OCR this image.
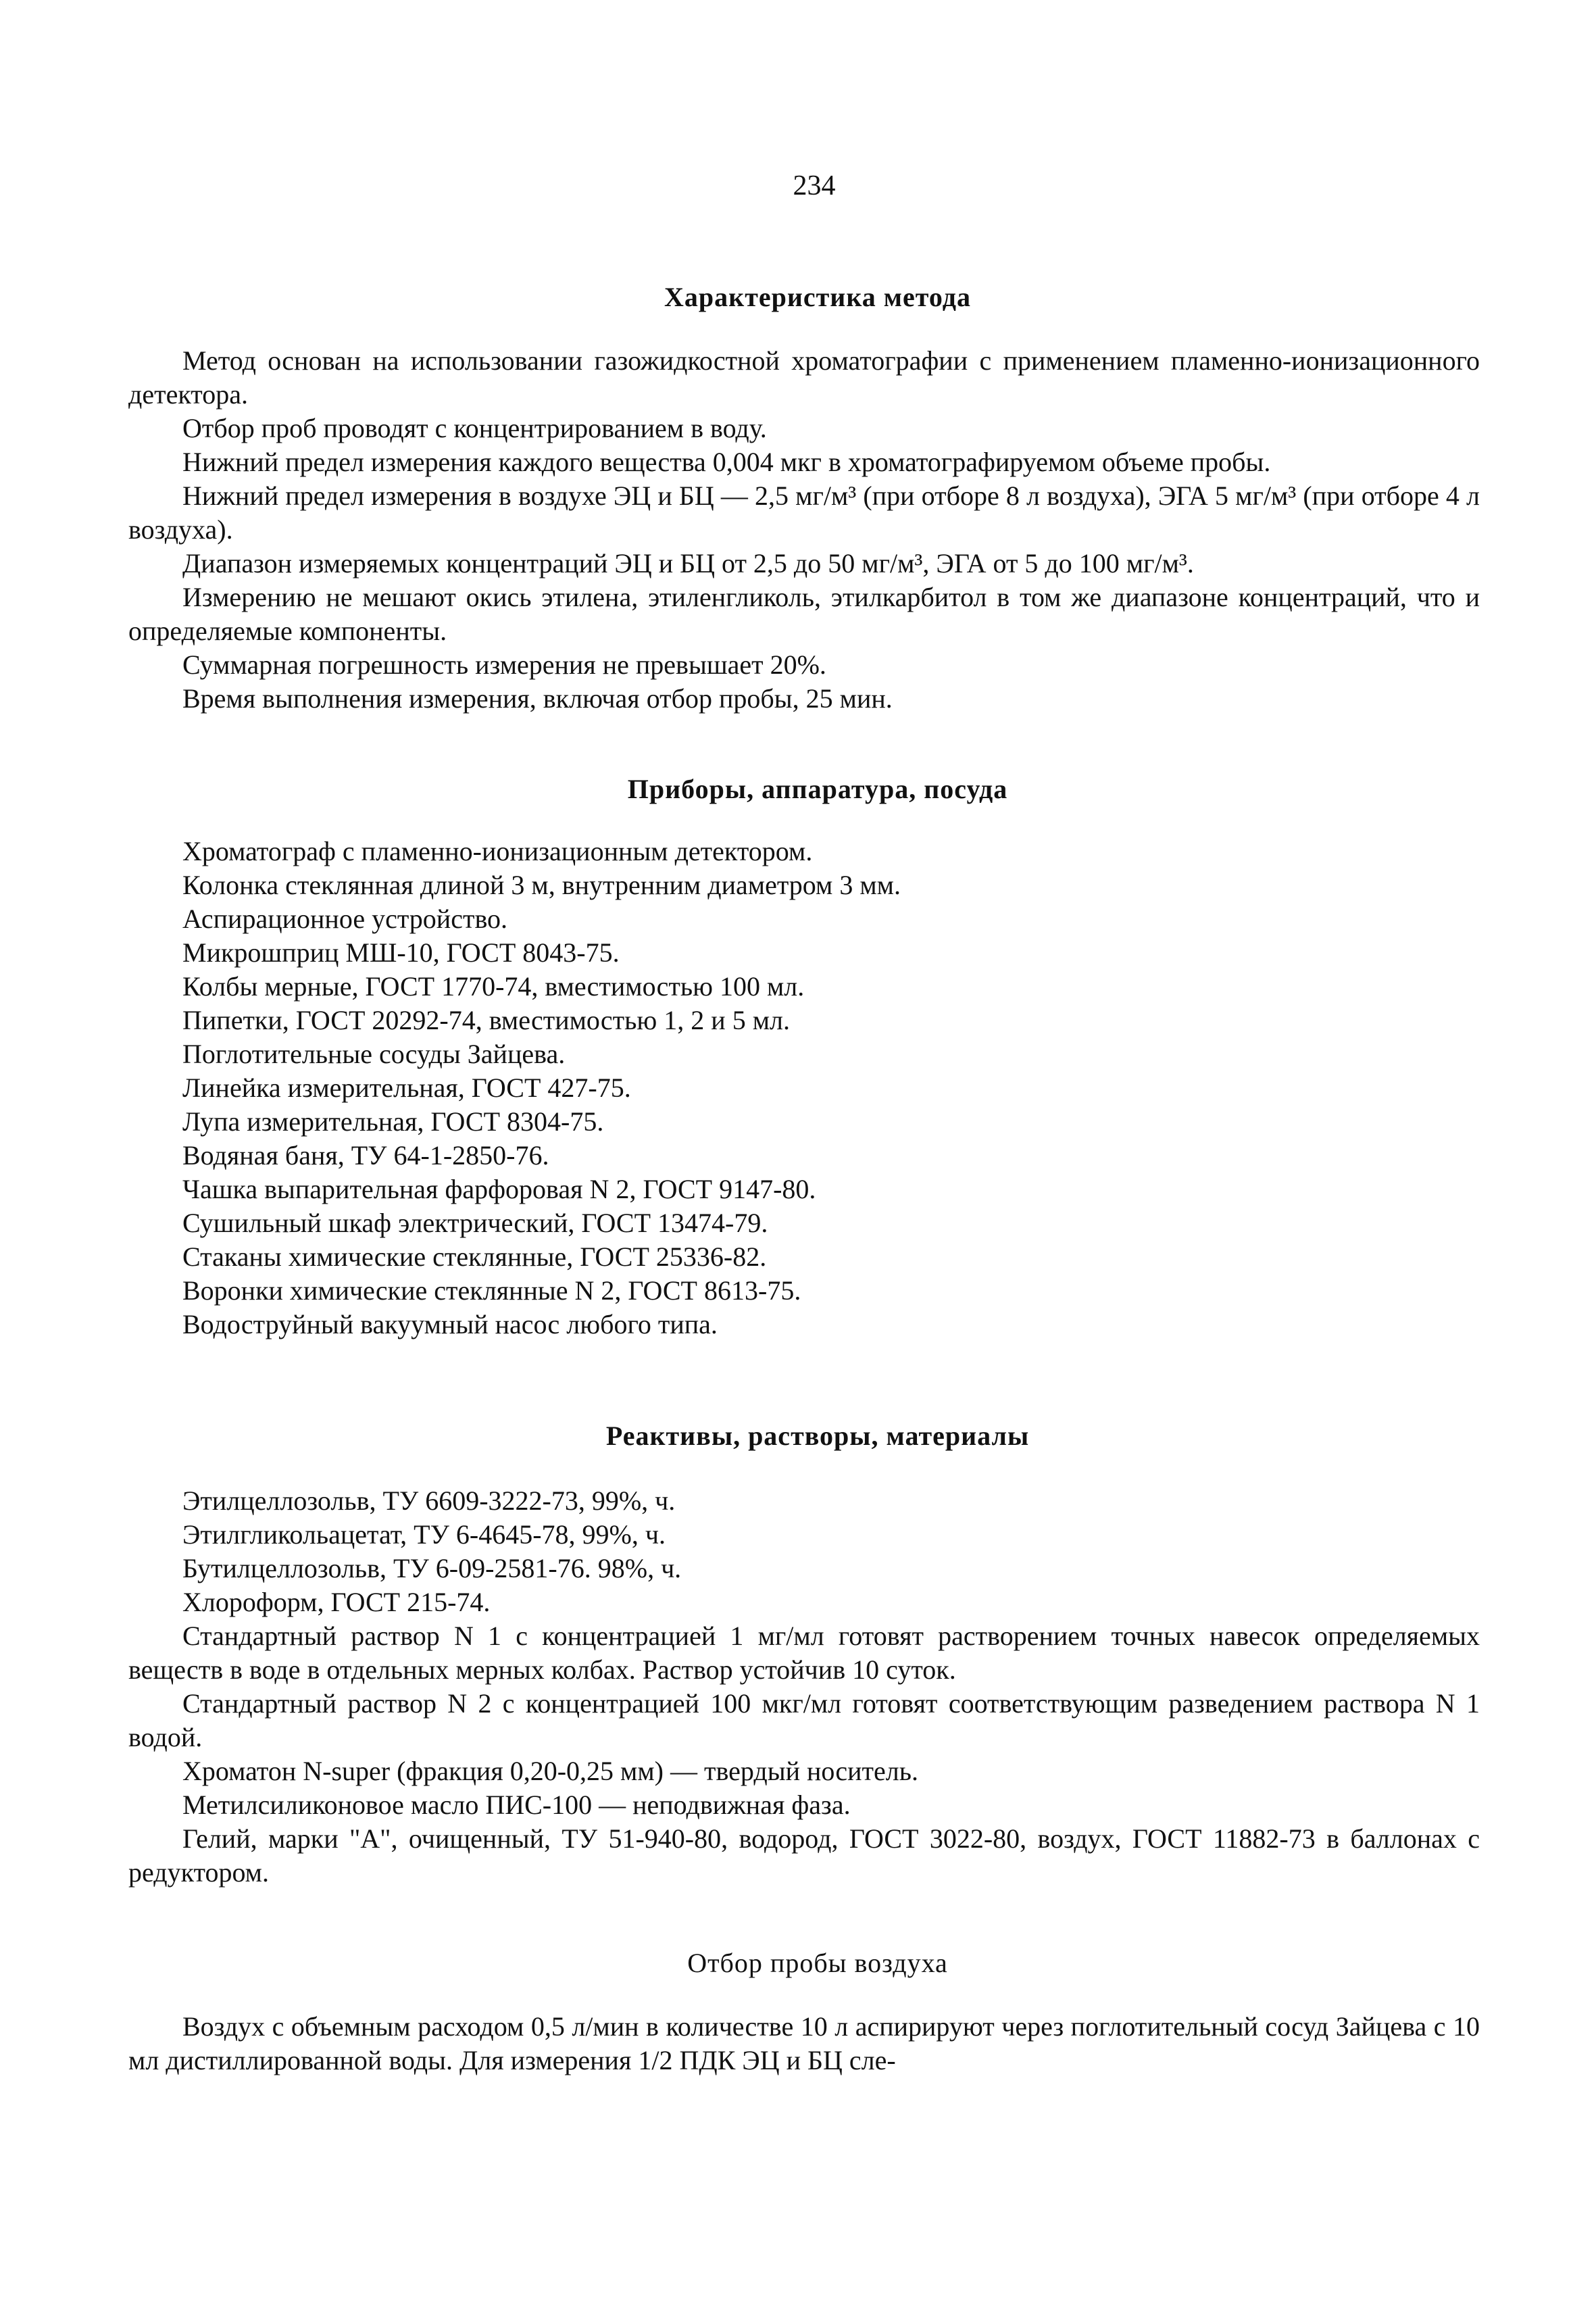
234
Характеристика метода

Метод основан на использовании газожидкостной хроматографии с применением пламенно-ионизационного детектора.

Отбор проб проводят с концентрированием в воду.

Нижний предел измерения каждого вещества 0,004 мкг в хроматографируемом объеме пробы.

Нижний предел измерения в воздухе ЭЦ и БЦ — 2,5 мг/м³ (при отборе 8 л воздуха), ЭГА 5 мг/м³ (при отборе 4 л воздуха).

Диапазон измеряемых концентраций ЭЦ и БЦ от 2,5 до 50 мг/м³, ЭГА от 5 до 100 мг/м³.

Измерению не мешают окись этилена, этиленгликоль, этилкарбитол в том же диапазоне концентраций, что и определяемые компоненты.

Суммарная погрешность измерения не превышает 20%.

Время выполнения измерения, включая отбор пробы, 25 мин.

Приборы, аппаратура, посуда
Хроматограф с пламенно-ионизационным детектором.
Колонка стеклянная длиной 3 м, внутренним диаметром 3 мм.
Аспирационное устройство.
Микрошприц МШ-10, ГОСТ 8043-75.
Колбы мерные, ГОСТ 1770-74, вместимостью 100 мл.
Пипетки, ГОСТ 20292-74, вместимостью 1, 2 и 5 мл.
Поглотительные сосуды Зайцева.
Линейка измерительная, ГОСТ 427-75.
Лупа измерительная, ГОСТ 8304-75.
Водяная баня, ТУ 64-1-2850-76.
Чашка выпарительная фарфоровая N 2, ГОСТ 9147-80.
Сушильный шкаф электрический, ГОСТ 13474-79.
Стаканы химические стеклянные, ГОСТ 25336-82.
Воронки химические стеклянные N 2, ГОСТ 8613-75.
Водоструйный вакуумный насос любого типа.
Реактивы, растворы, материалы
Этилцеллозольв, ТУ 6609-3222-73, 99%, ч.
Этилгликольацетат, ТУ 6-4645-78, 99%, ч.
Бутилцеллозольв, ТУ 6-09-2581-76. 98%, ч.
Хлороформ, ГОСТ 215-74.

Стандартный раствор N 1 с концентрацией 1 мг/мл готовят растворением точных навесок определяемых веществ в воде в отдельных мерных колбах. Раствор устойчив 10 суток.

Стандартный раствор N 2 с концентрацией 100 мкг/мл готовят соответствующим разведением раствора N 1 водой.

Хроматон N-super (фракция 0,20-0,25 мм) — твердый носитель.

Метилсиликоновое масло ПИС-100 — неподвижная фаза.

Гелий, марки "А", очищенный, ТУ 51-940-80, водород, ГОСТ 3022-80, воздух, ГОСТ 11882-73 в баллонах с редуктором.

Отбор пробы воздуха

Воздух с объемным расходом 0,5 л/мин в количестве 10 л аспирируют через поглотительный сосуд Зайцева с 10 мл дистиллированной воды. Для измерения 1/2 ПДК ЭЦ и БЦ сле-
